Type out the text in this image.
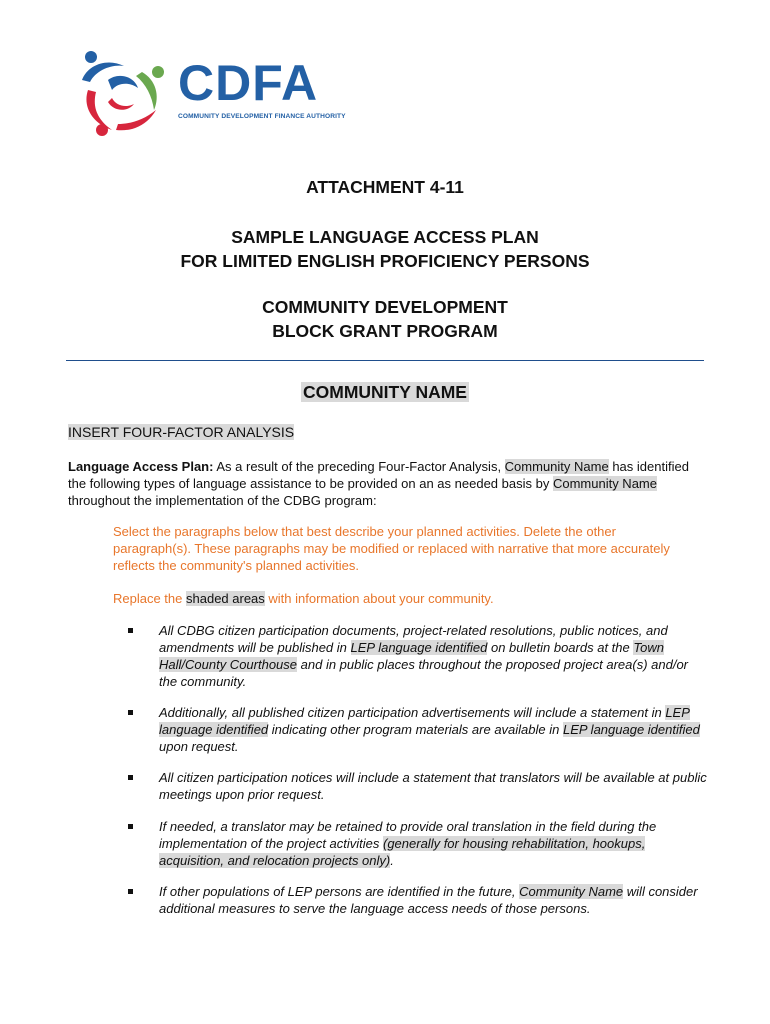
CDFA
COMMUNITY DEVELOPMENT FINANCE AUTHORITY
ATTACHMENT 4-11
SAMPLE LANGUAGE ACCESS PLAN
FOR LIMITED ENGLISH PROFICIENCY PERSONS
COMMUNITY DEVELOPMENT
BLOCK GRANT PROGRAM
COMMUNITY NAME
INSERT FOUR-FACTOR ANALYSIS
Language Access Plan: As a result of the preceding Four-Factor Analysis, Community Name has identified the following types of language assistance to be provided on an as needed basis by Community Name throughout the implementation of the CDBG program:
Select the paragraphs below that best describe your planned activities. Delete the other paragraph(s). These paragraphs may be modified or replaced with narrative that more accurately reflects the community's planned activities.
Replace the shaded areas with information about your community.
All CDBG citizen participation documents, project-related resolutions, public notices, and amendments will be published in LEP language identified on bulletin boards at the Town Hall/County Courthouse and in public places throughout the proposed project area(s) and/or the community.
Additionally, all published citizen participation advertisements will include a statement in LEP language identified indicating other program materials are available in LEP language identified upon request.
All citizen participation notices will include a statement that translators will be available at public meetings upon prior request.
If needed, a translator may be retained to provide oral translation in the field during the implementation of the project activities (generally for housing rehabilitation, hookups, acquisition, and relocation projects only).
If other populations of LEP persons are identified in the future, Community Name will consider additional measures to serve the language access needs of those persons.
